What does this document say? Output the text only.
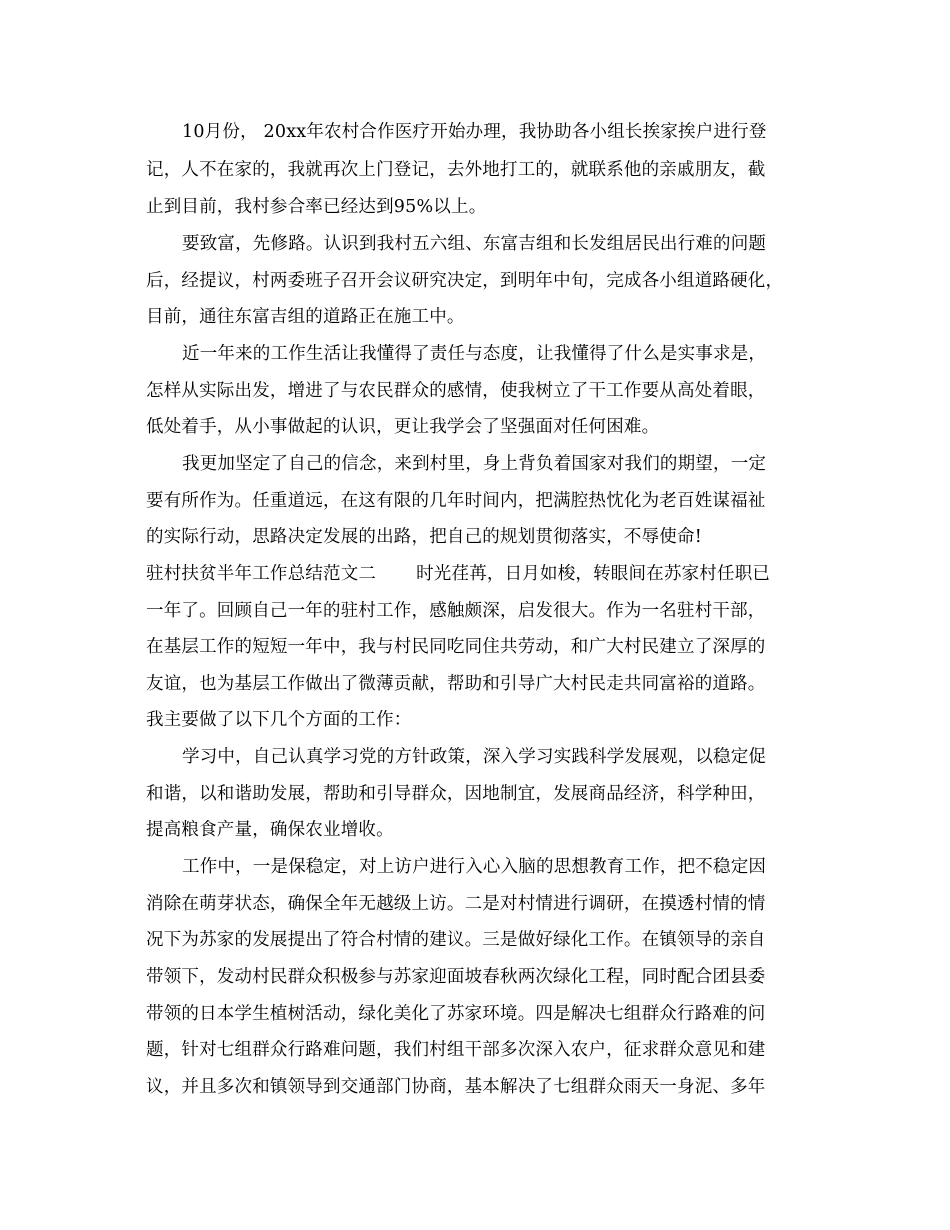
10月份， 20xx年农村合作医疗开始办理，我协助各小组长挨家挨户进行登
记，人不在家的，我就再次上门登记，去外地打工的，就联系他的亲戚朋友，截
止到目前，我村参合率已经达到95%以上。
要致富，先修路。认识到我村五六组、东富吉组和长发组居民出行难的问题
后，经提议，村两委班子召开会议研究决定，到明年中旬，完成各小组道路硬化，
目前，通往东富吉组的道路正在施工中。
近一年来的工作生活让我懂得了责任与态度，让我懂得了什么是实事求是，
怎样从实际出发，增进了与农民群众的感情，使我树立了干工作要从高处着眼，
低处着手，从小事做起的认识，更让我学会了坚强面对任何困难。
我更加坚定了自己的信念，来到村里，身上背负着国家对我们的期望，一定
要有所作为。任重道远，在这有限的几年时间内，把满腔热忱化为老百姓谋福祉
的实际行动，思路决定发展的出路，把自己的规划贯彻落实，不辱使命!
驻村扶贫半年工作总结范文二 时光荏苒，日月如梭，转眼间在苏家村任职已
一年了。回顾自己一年的驻村工作，感触颇深，启发很大。作为一名驻村干部，
在基层工作的短短一年中，我与村民同吃同住共劳动，和广大村民建立了深厚的
友谊，也为基层工作做出了微薄贡献，帮助和引导广大村民走共同富裕的道路。
我主要做了以下几个方面的工作：
学习中，自己认真学习党的方针政策，深入学习实践科学发展观，以稳定促
和谐，以和谐助发展，帮助和引导群众，因地制宜，发展商品经济，科学种田，
提高粮食产量，确保农业增收。
工作中，一是保稳定，对上访户进行入心入脑的思想教育工作，把不稳定因
消除在萌芽状态，确保全年无越级上访。二是对村情进行调研，在摸透村情的情
况下为苏家的发展提出了符合村情的建议。三是做好绿化工作。在镇领导的亲自
带领下，发动村民群众积极参与苏家迎面坡春秋两次绿化工程，同时配合团县委
带领的日本学生植树活动，绿化美化了苏家环境。四是解决七组群众行路难的问
题，针对七组群众行路难问题，我们村组干部多次深入农户，征求群众意见和建
议，并且多次和镇领导到交通部门协商，基本解决了七组群众雨天一身泥、多年
